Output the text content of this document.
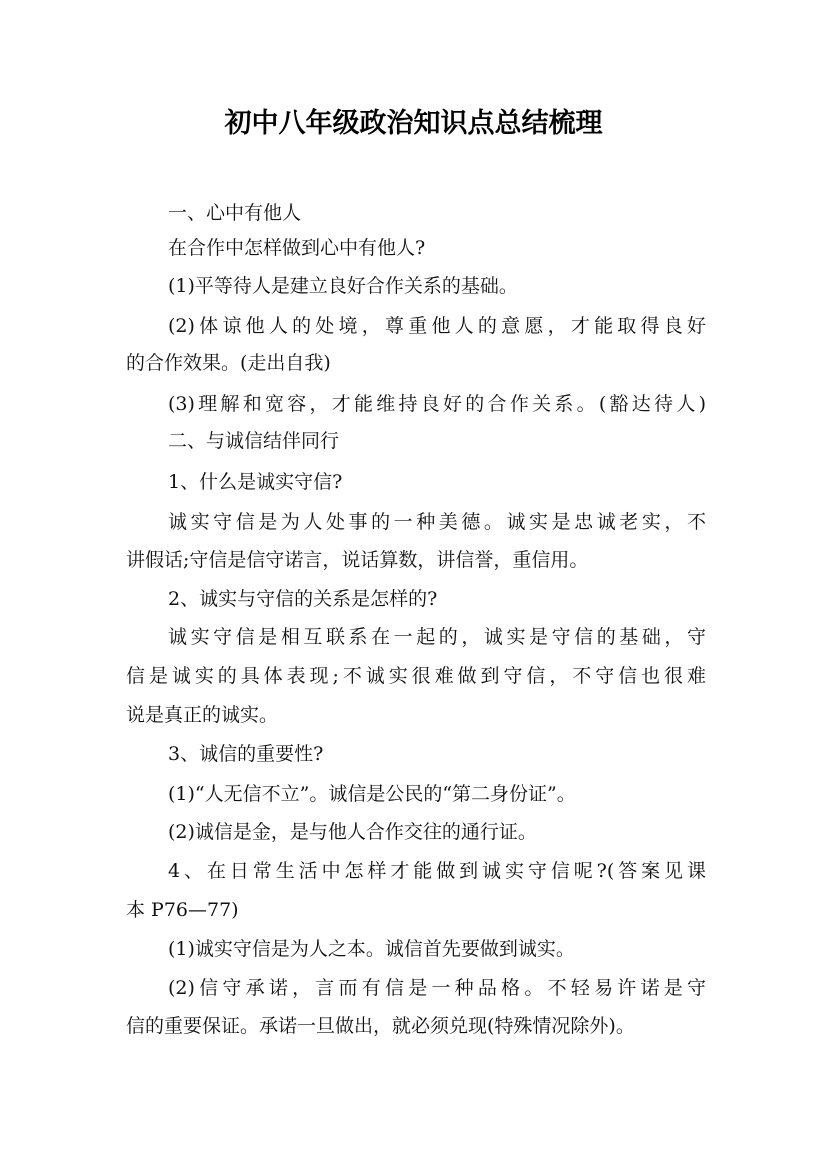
初中八年级政治知识点总结梳理
一、心中有他人
在合作中怎样做到心中有他人?
(1)平等待人是建立良好合作关系的基础。
(2)体谅他人的处境，尊重他人的意愿，才能取得良好
的合作效果。(走出自我)
(3)理解和宽容，才能维持良好的合作关系。(豁达待人)
二、与诚信结伴同行
1、什么是诚实守信?
诚实守信是为人处事的一种美德。诚实是忠诚老实，不
讲假话;守信是信守诺言，说话算数，讲信誉，重信用。
2、诚实与守信的关系是怎样的?
诚实守信是相互联系在一起的，诚实是守信的基础，守
信是诚实的具体表现;不诚实很难做到守信，不守信也很难
说是真正的诚实。
3、诚信的重要性?
(1)“人无信不立”。诚信是公民的“第二身份证”。
(2)诚信是金，是与他人合作交往的通行证。
4、在日常生活中怎样才能做到诚实守信呢?(答案见课
本 P76—77)
(1)诚实守信是为人之本。诚信首先要做到诚实。
(2)信守承诺，言而有信是一种品格。不轻易许诺是守
信的重要保证。承诺一旦做出，就必须兑现(特殊情况除外)。
